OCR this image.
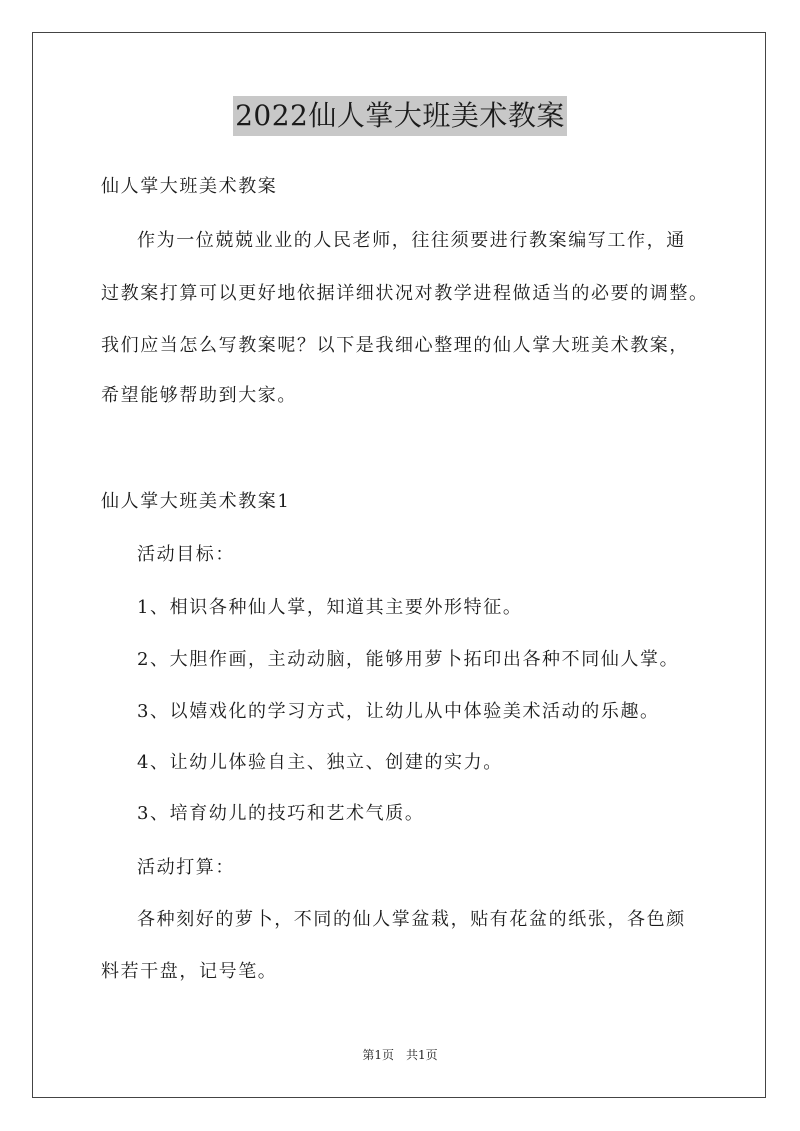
2022仙人掌大班美术教案
仙人掌大班美术教案
作为一位兢兢业业的人民老师，往往须要进行教案编写工作，通
过教案打算可以更好地依据详细状况对教学进程做适当的必要的调整。
我们应当怎么写教案呢？以下是我细心整理的仙人掌大班美术教案，
希望能够帮助到大家。
仙人掌大班美术教案1
活动目标：
1、相识各种仙人掌，知道其主要外形特征。
2、大胆作画，主动动脑，能够用萝卜拓印出各种不同仙人掌。
3、以嬉戏化的学习方式，让幼儿从中体验美术活动的乐趣。
4、让幼儿体验自主、独立、创建的实力。
3、培育幼儿的技巧和艺术气质。
活动打算：
各种刻好的萝卜，不同的仙人掌盆栽，贴有花盆的纸张，各色颜
料若干盘，记号笔。
第1页　共1页
